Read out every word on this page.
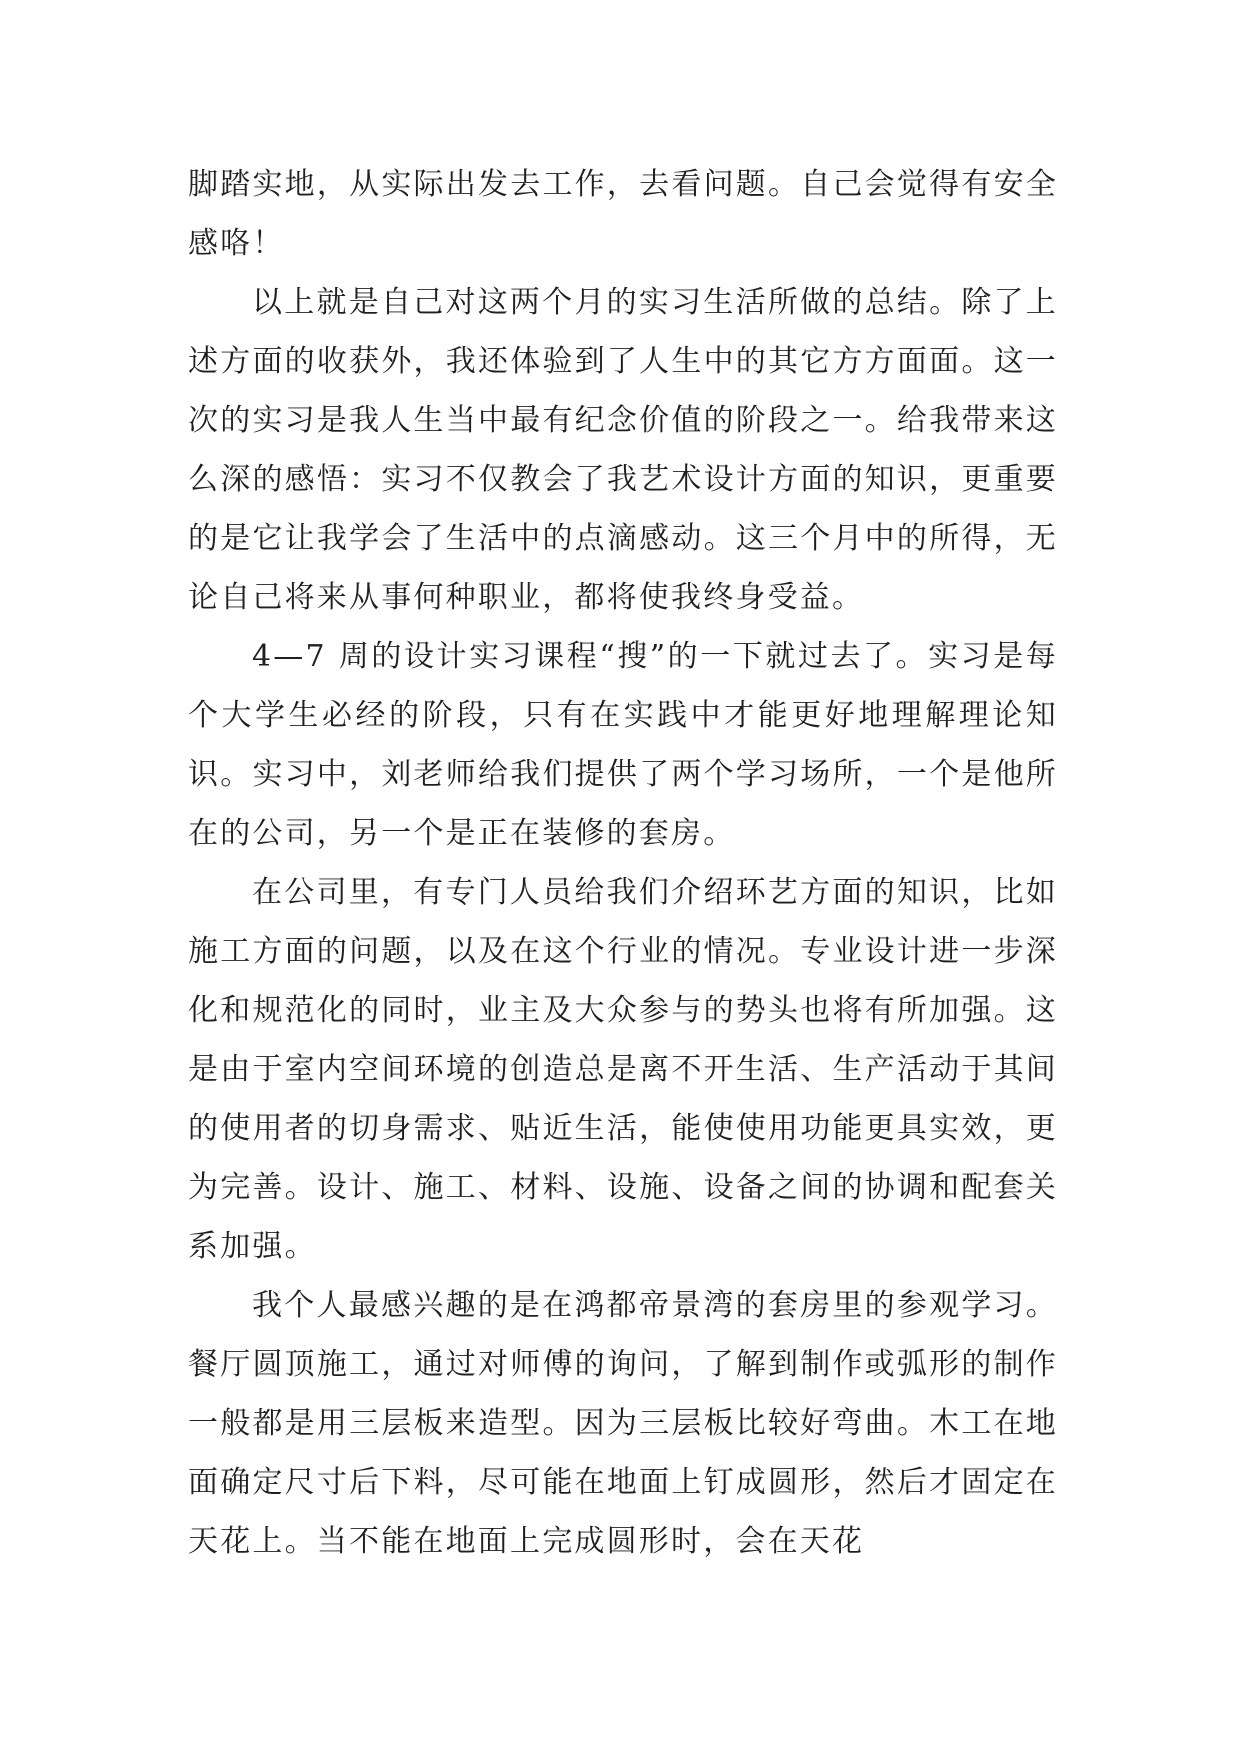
脚踏实地，从实际出发去工作，去看问题。自己会觉得有安全感咯！

以上就是自己对这两个月的实习生活所做的总结。除了上述方面的收获外，我还体验到了人生中的其它方方面面。这一次的实习是我人生当中最有纪念价值的阶段之一。给我带来这么深的感悟：实习不仅教会了我艺术设计方面的知识，更重要的是它让我学会了生活中的点滴感动。这三个月中的所得，无论自己将来从事何种职业，都将使我终身受益。

4—7 周的设计实习课程“搜”的一下就过去了。实习是每个大学生必经的阶段，只有在实践中才能更好地理解理论知识。实习中，刘老师给我们提供了两个学习场所，一个是他所在的公司，另一个是正在装修的套房。

在公司里，有专门人员给我们介绍环艺方面的知识，比如施工方面的问题，以及在这个行业的情况。专业设计进一步深化和规范化的同时，业主及大众参与的势头也将有所加强。这是由于室内空间环境的创造总是离不开生活、生产活动于其间的使用者的切身需求、贴近生活，能使使用功能更具实效，更为完善。设计、施工、材料、设施、设备之间的协调和配套关系加强。

我个人最感兴趣的是在鸿都帝景湾的套房里的参观学习。餐厅圆顶施工，通过对师傅的询问，了解到制作或弧形的制作一般都是用三层板来造型。因为三层板比较好弯曲。木工在地面确定尺寸后下料，尽可能在地面上钉成圆形，然后才固定在天花上。当不能在地面上完成圆形时，会在天花
